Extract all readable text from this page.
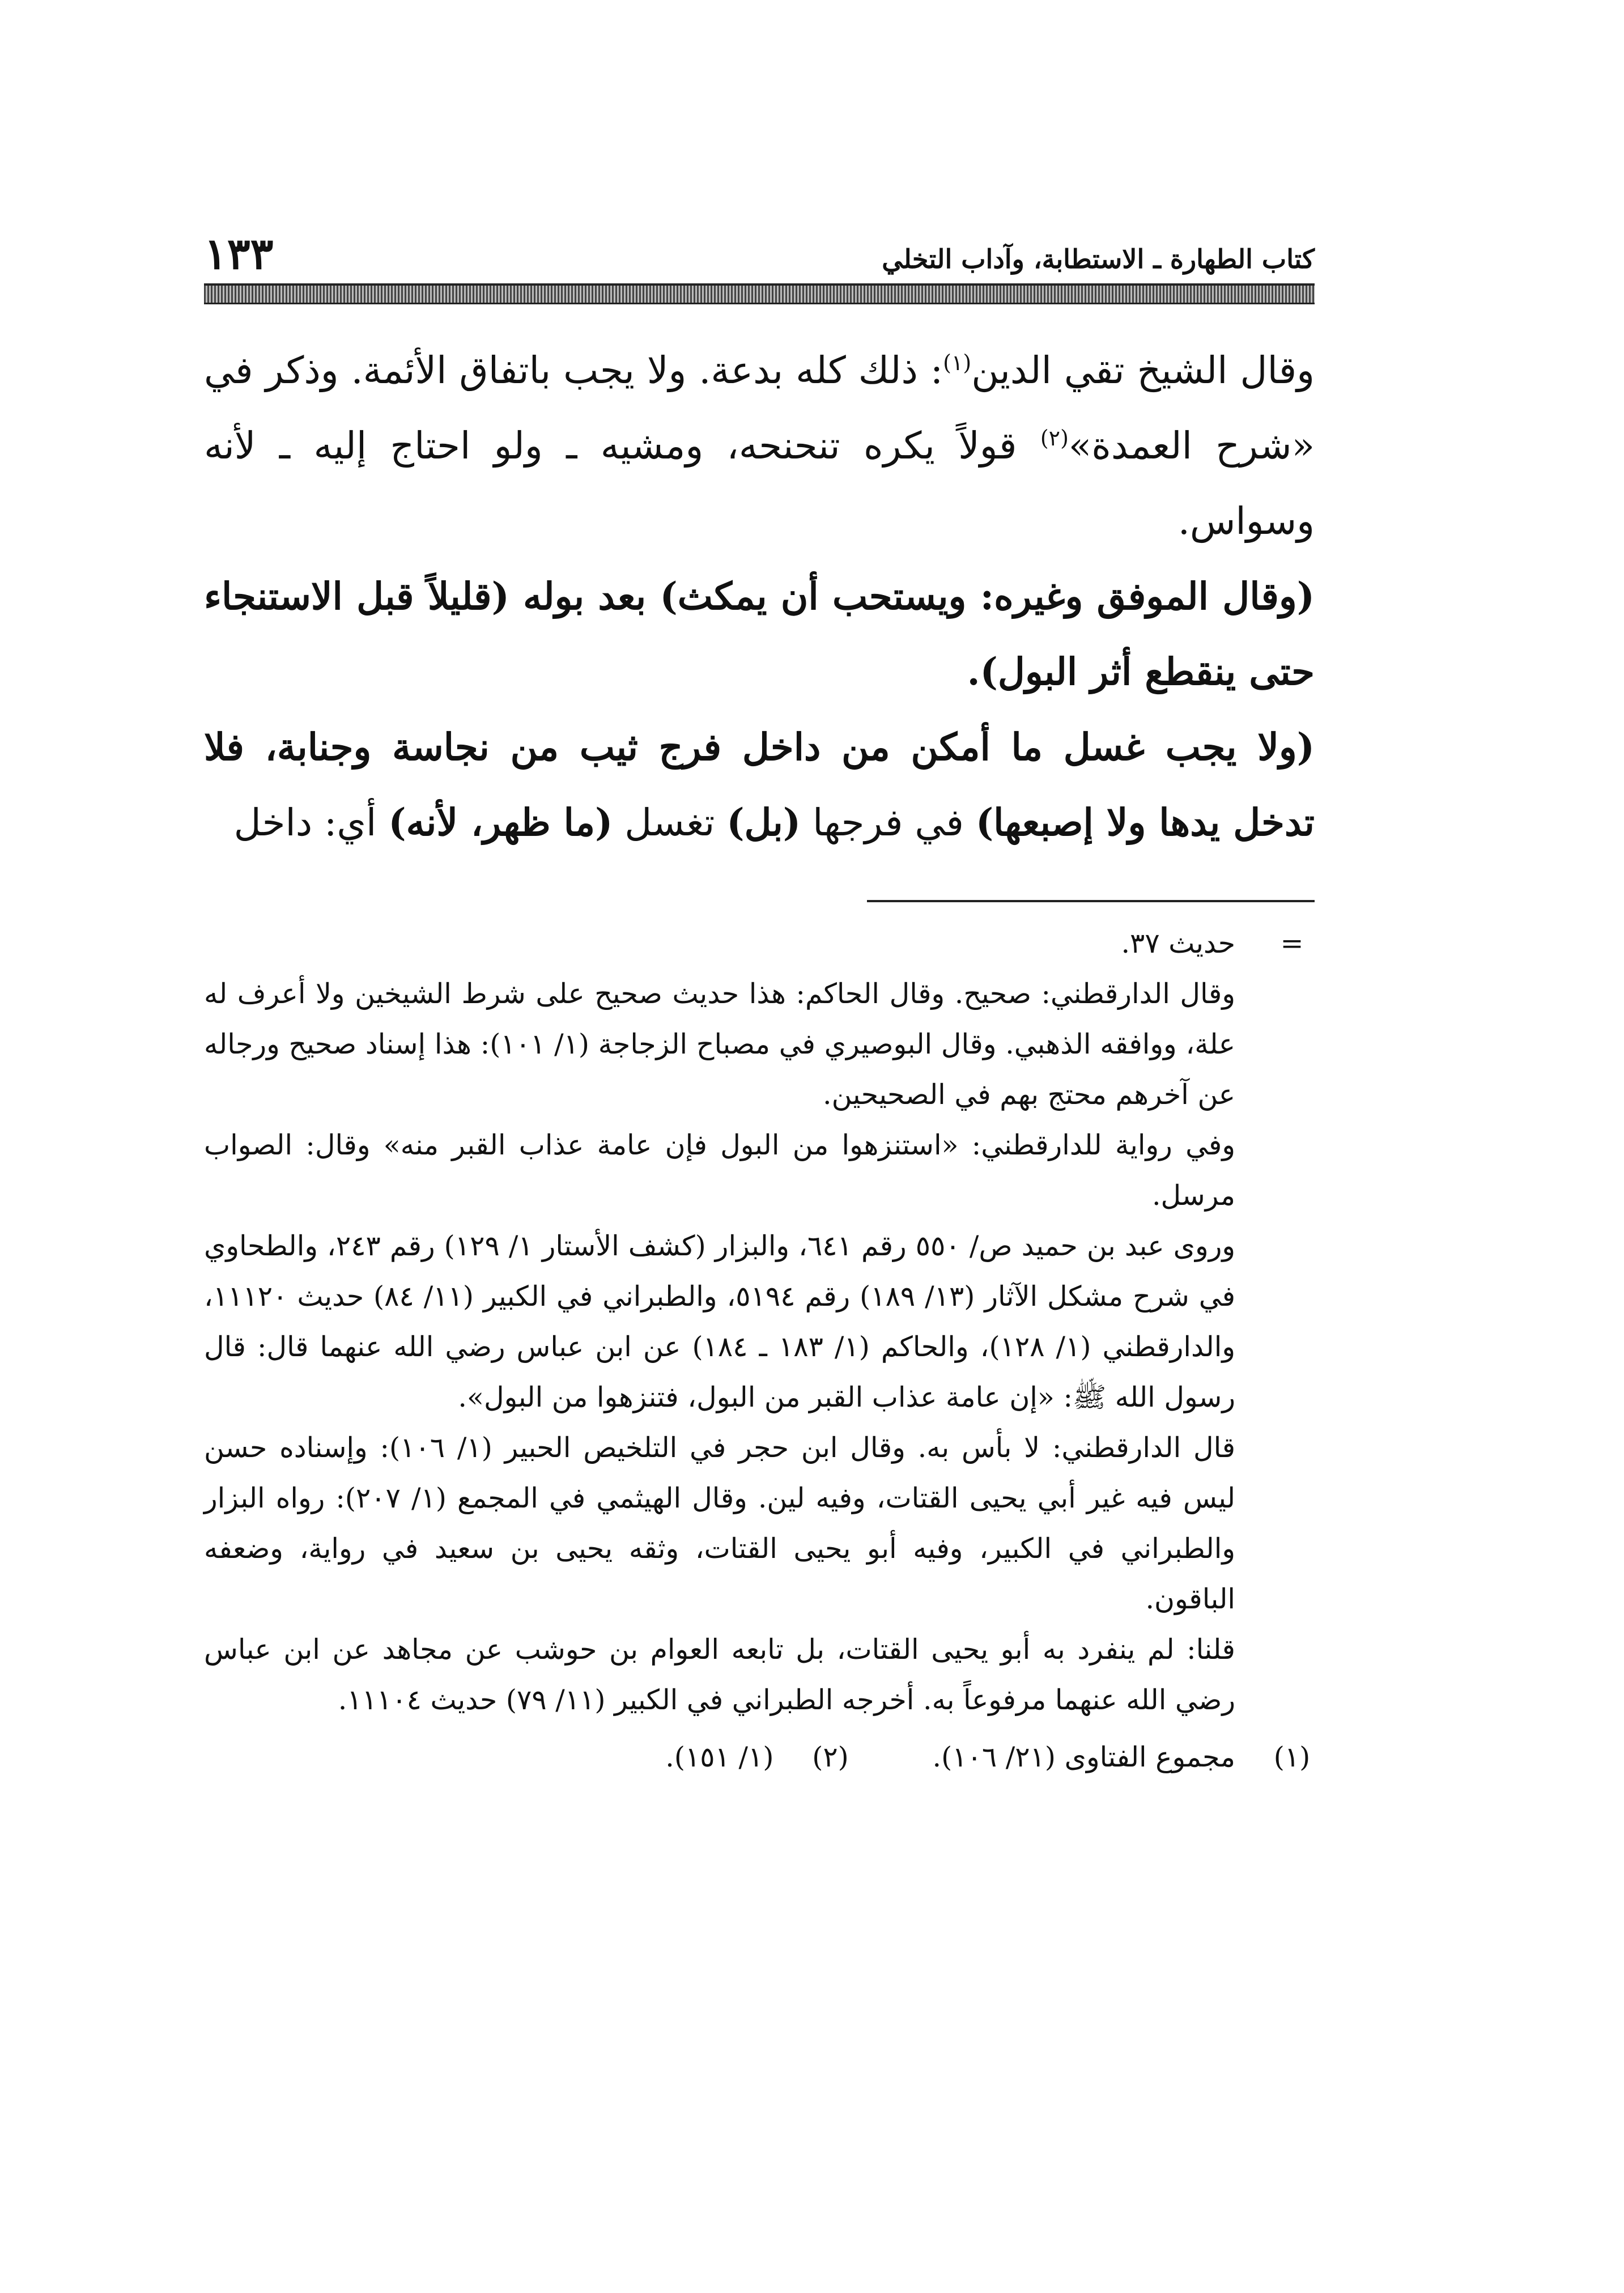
كتاب الطهارة ـ الاستطابة، وآداب التخلي
١٣٣

وقال الشيخ تقي الدين$^{(١)}$: ذلك كله بدعة. ولا يجب باتفاق الأئمة. وذكر في «شرح العمدة»$^{(٢)}$ قولاً يكره تنحنحه، ومشيه ـ ولو احتاج إليه ـ لأنه وسواس.

(وقال الموفق وغيره: ويستحب أن يمكث) بعد بوله (قليلاً قبل الاستنجاء حتى ينقطع أثر البول).

(ولا يجب غسل ما أمكن من داخل فرج ثيب من نجاسة وجنابة، فلا تدخل يدها ولا إصبعها) في فرجها (بل) تغسل (ما ظهر، لأنه) أي: داخل

=
حديث ٣٧.

وقال الدارقطني: صحيح. وقال الحاكم: هذا حديث صحيح على شرط الشيخين ولا أعرف له علة، ووافقه الذهبي. وقال البوصيري في مصباح الزجاجة (١/ ١٠١): هذا إسناد صحيح ورجاله عن آخرهم محتج بهم في الصحيحين.

وفي رواية للدارقطني: «استنزهوا من البول فإن عامة عذاب القبر منه» وقال: الصواب مرسل.

وروى عبد بن حميد ص/ ٥٥٠ رقم ٦٤١، والبزار (كشف الأستار ١/ ١٢٩) رقم ٢٤٣، والطحاوي في شرح مشكل الآثار (١٣/ ١٨٩) رقم ٥١٩٤، والطبراني في الكبير (١١/ ٨٤) حديث ١١١٢٠، والدارقطني (١/ ١٢٨)، والحاكم (١/ ١٨٣ ـ ١٨٤) عن ابن عباس رضي الله عنهما قال: قال رسول الله ﷺ: «إن عامة عذاب القبر من البول، فتنزهوا من البول».

قال الدارقطني: لا بأس به. وقال ابن حجر في التلخيص الحبير (١/ ١٠٦): وإسناده حسن ليس فيه غير أبي يحيى القتات، وفيه لين. وقال الهيثمي في المجمع (١/ ٢٠٧): رواه البزار والطبراني في الكبير، وفيه أبو يحيى القتات، وثقه يحيى بن سعيد في رواية، وضعفه الباقون.

قلنا: لم ينفرد به أبو يحيى القتات، بل تابعه العوام بن حوشب عن مجاهد عن ابن عباس رضي الله عنهما مرفوعاً به. أخرجه الطبراني في الكبير (١١/ ٧٩) حديث ١١١٠٤.

(١)
مجموع الفتاوى (٢١/ ١٠٦).
(٢)
(١/ ١٥١).
